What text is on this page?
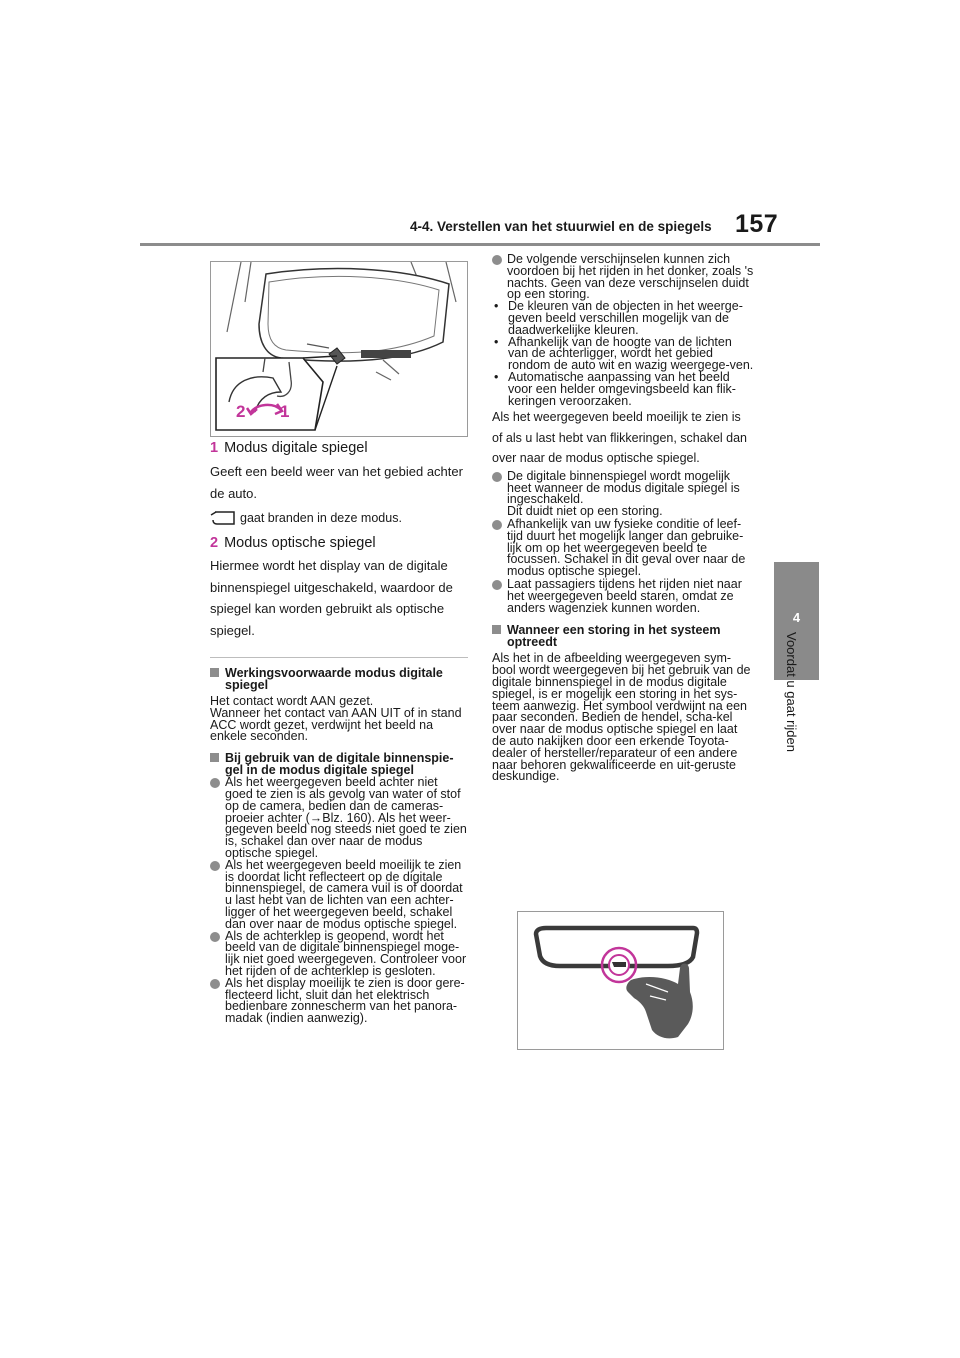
4-4. Verstellen van het stuurwiel en de spiegels 157
4
Voordat u gaat rijden
2 1
1 Modus digitale spiegel

Geeft een beeld weer van het gebied achter de auto.

gaat branden in deze modus.
2 Modus optische spiegel

Hiermee wordt het display van de digitale binnenspiegel uitgeschakeld, waardoor de spiegel kan worden gebruikt als optische spiegel.

Werkingsvoorwaarde modus digitale spiegel

Het contact wordt AAN gezet.
Wanneer het contact van AAN UIT of in stand ACC wordt gezet, verdwijnt het beeld na enkele seconden.

Bij gebruik van de digitale binnenspie-gel in de modus digitale spiegel

Als het weergegeven beeld achter niet goed te zien is als gevolg van water of stof op de camera, bedien dan de cameras-proeier achter (→Blz. 160). Als het weer-gegeven beeld nog steeds niet goed te zien is, schakel dan over naar de modus optische spiegel.

Als het weergegeven beeld moeilijk te zien is doordat licht reflecteert op de digitale binnenspiegel, de camera vuil is of doordat u last hebt van de lichten van een achter-ligger of het weergegeven beeld, schakel dan over naar de modus optische spiegel.

Als de achterklep is geopend, wordt het beeld van de digitale binnenspiegel moge-lijk niet goed weergegeven. Controleer voor het rijden of de achterklep is gesloten.

Als het display moeilijk te zien is door gere-flecteerd licht, sluit dan het elektrisch bedienbare zonnescherm van het panora-madak (indien aanwezig).

De volgende verschijnselen kunnen zich voordoen bij het rijden in het donker, zoals 's nachts. Geen van deze verschijnselen duidt op een storing.

• De kleuren van de objecten in het weerge-geven beeld verschillen mogelijk van de daadwerkelijke kleuren.

• Afhankelijk van de hoogte van de lichten van de achterligger, wordt het gebied rondom de auto wit en wazig weergege-ven.

• Automatische aanpassing van het beeld voor een helder omgevingsbeeld kan flik-keringen veroorzaken.

Als het weergegeven beeld moeilijk te zien is of als u last hebt van flikkeringen, schakel dan over naar de modus optische spiegel.

De digitale binnenspiegel wordt mogelijk heet wanneer de modus digitale spiegel is ingeschakeld.
Dit duidt niet op een storing.

Afhankelijk van uw fysieke conditie of leef-tijd duurt het mogelijk langer dan gebruike-lijk om op het weergegeven beeld te focussen. Schakel in dit geval over naar de modus optische spiegel.

Laat passagiers tijdens het rijden niet naar het weergegeven beeld staren, omdat ze anders wagenziek kunnen worden.

Wanneer een storing in het systeem optreedt

Als het in de afbeelding weergegeven sym-bool wordt weergegeven bij het gebruik van de digitale binnenspiegel in de modus digitale spiegel, is er mogelijk een storing in het sys-teem aanwezig. Het symbool verdwijnt na een paar seconden. Bedien de hendel, scha-kel over naar de modus optische spiegel en laat de auto nakijken door een erkende Toyota-dealer of hersteller/reparateur of een andere naar behoren gekwalificeerde en uit-geruste deskundige.
